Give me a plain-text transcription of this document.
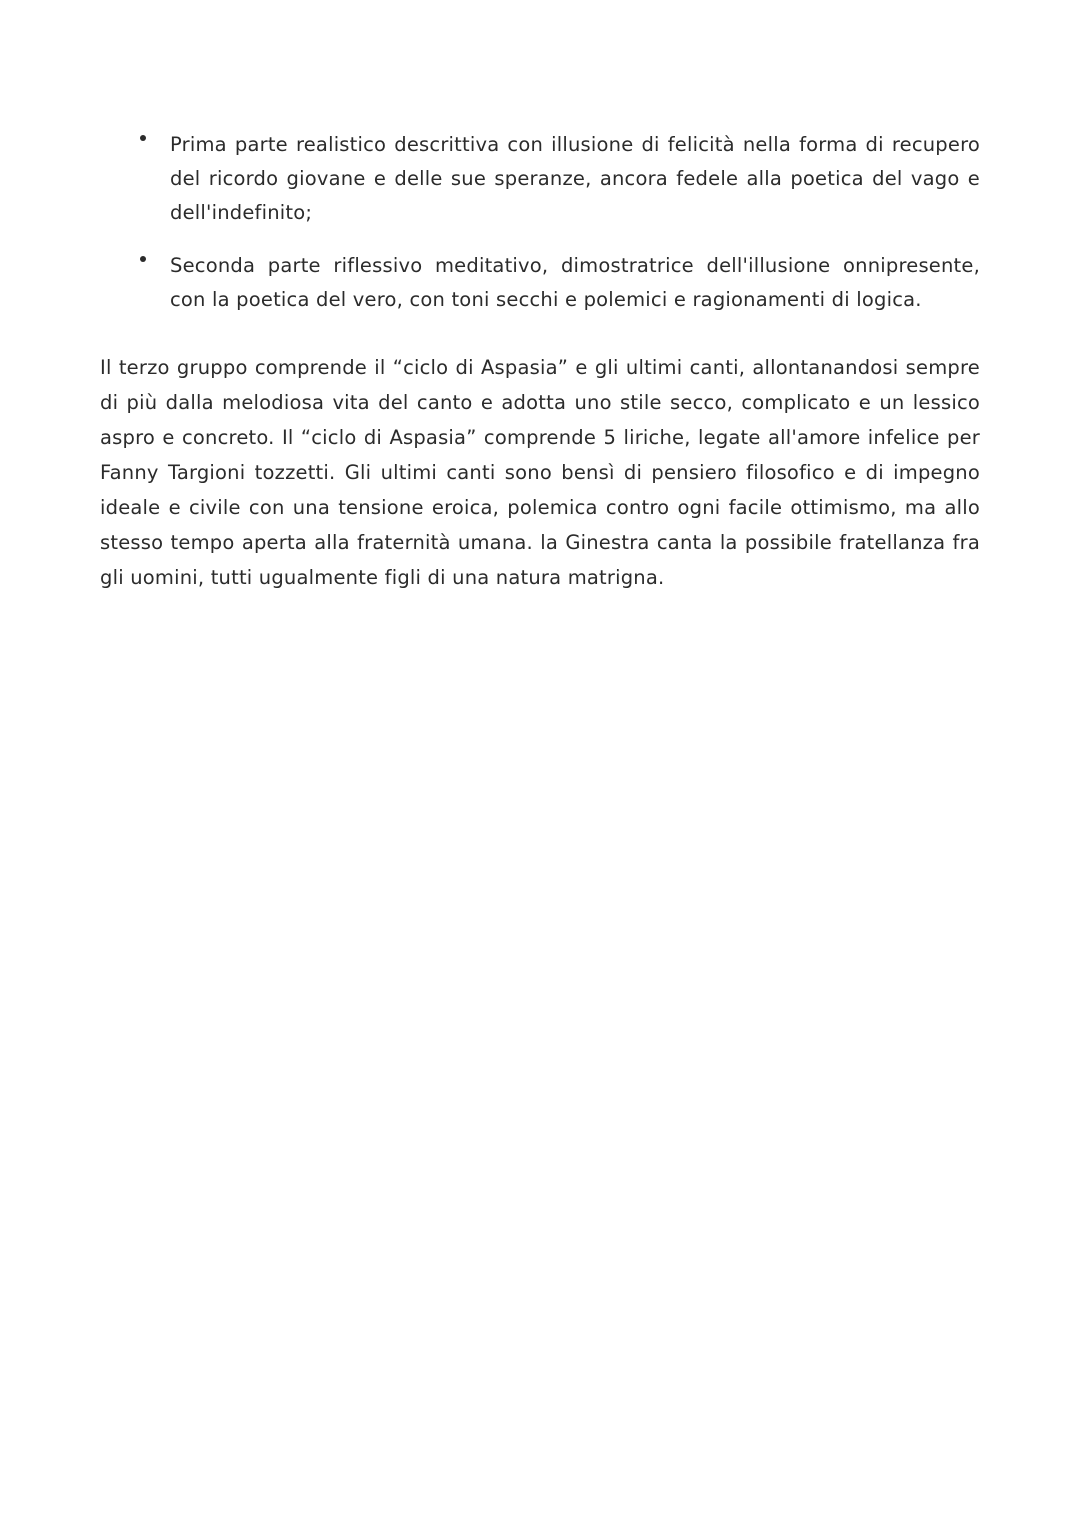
Prima parte realistico descrittiva con illusione di felicità nella forma di recupero del ricordo giovane e delle sue speranze, ancora fedele alla poetica del vago e dell'indefinito;
Seconda parte riflessivo meditativo, dimostratrice dell'illusione onnipresente, con la poetica del vero, con toni secchi e polemici e ragionamenti di logica.

Il terzo gruppo comprende il “ciclo di Aspasia” e gli ultimi canti, allontanandosi sempre di più dalla melodiosa vita del canto e adotta uno stile secco, complicato e un lessico aspro e concreto. Il “ciclo di Aspasia” comprende 5 liriche, legate all'amore infelice per Fanny Targioni tozzetti. Gli ultimi canti sono bensì di pensiero filosofico e di impegno ideale e civile con una tensione eroica, polemica contro ogni facile ottimismo, ma allo stesso tempo aperta alla fraternità umana. la Ginestra canta la possibile fratellanza fra gli uomini, tutti ugualmente figli di una natura matrigna.
